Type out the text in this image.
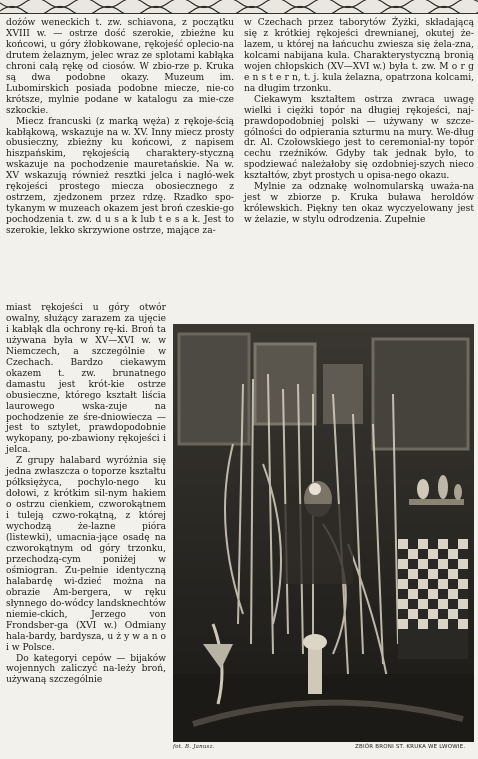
dożów weneckich t. zw. schiavona, z początku XVIII w. — ostrze dość szerokie, zbieżne ku końcowi, u góry żłobkowane, rękojeść oplecio-na drutem żelaznym, jelec wraz ze splotami kabłąka chroni całą rękę od ciosów. W zbio-rze p. Kruka są dwa podobne okazy. Muzeum im. Lubomirskich posiada podobne miecze, nie-co krótsze, mylnie podane w katalogu za mie-cze szkockie.

Miecz francuski (z marką węża) z rękoje-ścią kabłąkową, wskazuje na w. XV. Inny miecz prosty obusieczny, zbieżny ku końcowi, z napisem hiszpańskim, rękojeścią charaktery-styczną wskazuje na pochodzenie mauretańskie. Na w. XV wskazują również resztki jelca i nagłó-wek rękojeści prostego miecza obosiecznego z ostrzem, zjedzonem przez rdzę. Rzadko spo-tykanym w muzeach okazem jest broń czeskie-go pochodzenia t. zw. d u s a k lub t e s a k. Jest to szerokie, lekko skrzywione ostrze, mające za-

miast rękojeści u góry otwór owalny, służący zarazem za ujęcie i kabłąk dla ochrony rę-ki. Broń ta używana była w XV—XVI w. w Niemczech, a szczególnie w Czechach. Bardzo ciekawym okazem t. zw. brunatnego damastu jest krót-kie ostrze obusieczne, którego kształt liścia laurowego wska-zuje na pochodzenie ze śre-dniowiecza — jest to sztylet, prawdopodobnie wykopany, po-zbawiony rękojeści i jelca.

Z grupy halabard wyróżnia się jedna zwłaszcza o toporze kształtu półksiężyca, pochylo-nego ku dołowi, z krótkim sil-nym hakiem o ostrzu cienkiem, czworokątnem i tuleją czwo-rokątną, z której wychodzą że-lazne pióra (listewki), umacnia-jące osadę na czworokątnym od góry trzonku, przechodzą-cym poniżej w ośmiogran. Zu-pełnie identyczną halabardę wi-dzieć można na obrazie Am-bergera, w ręku słynnego do-wódcy landsknechtów niemie-ckich, Jerzego von Frondsber-ga (XVI w.) Odmiany hala-bardy, bardysza, u ż y w a n o i w Polsce.

Do kategoryi cepów — bijaków wojennych zaliczyć na-leży broń, używaną szczególnie

w Czechach przez taborytów Żyżki, składającą się z krótkiej rękojeści drewnianej, okutej że-lazem, u której na łańcuchu zwiesza się żela-zna, kolcami nabijana kula. Charakterystyczną bronią wojen chłopskich (XV—XVI w.) była t. zw. M o r g e n s t e r n, t. j. kula żelazna, opatrzona kolcami, na długim trzonku.

Ciekawym kształtem ostrza zwraca uwagę wielki i ciężki topór na długiej rękojeści, naj-prawdopodobniej polski — używany w szcze-gólności do odpierania szturmu na mury. We-dług dr. Al. Czołowskiego jest to ceremonial-ny topór cechu rzeźników. Gdyby tak jednak było, to spodziewać należałoby się ozdobniej-szych nieco kształtów, zbyt prostych u opisa-nego okazu.

Mylnie za odznakę wolnomularską uważa-na jest w zbiorze p. Kruka buława heroldów królewskich. Piękny ten okaz wyczyelowany jest w żelazie, w stylu odrodzenia. Zupełnie

fot. B. Janusz.	ZBIÓR BRONI ST. KRUKA WE LWOWIE.
